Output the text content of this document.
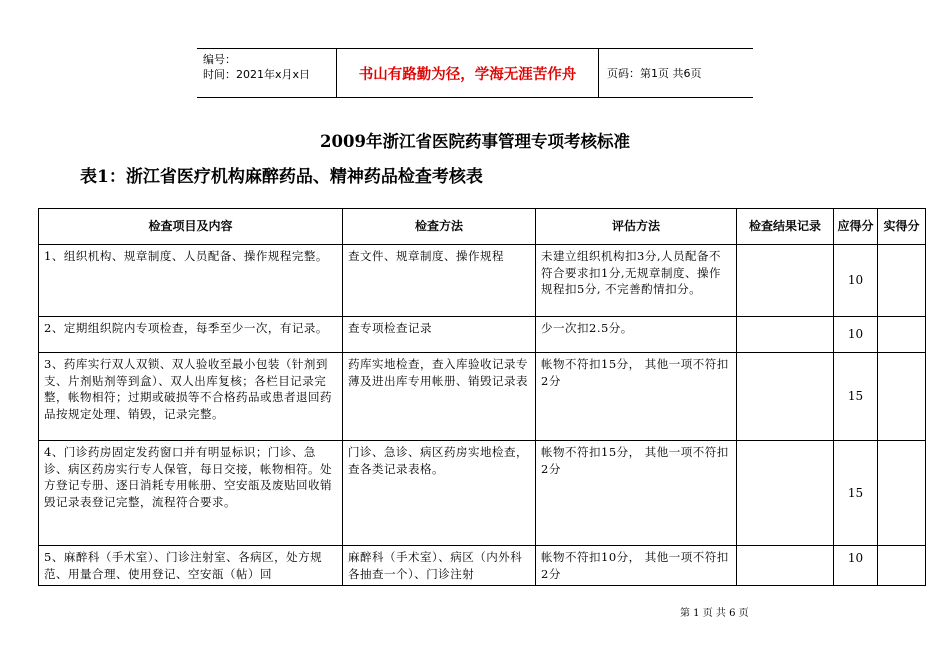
编号：
时间：2021年x月x日	书山有路勤为径，学海无涯苦作舟	页码：第1页 共6页
2009年浙江省医院药事管理专项考核标准
表1：浙江省医疗机构麻醉药品、精神药品检查考核表
检查项目及内容	检查方法	评估方法	检查结果记录	应得分	实得分
1、组织机构、规章制度、人员配备、操作规程完整。	查文件、规章制度、操作规程	未建立组织机构扣3分,人员配备不符合要求扣1分,无规章制度、操作规程扣5分, 不完善酌情扣分。		10	
2、定期组织院内专项检查，每季至少一次，有记录。	查专项检查记录	少一次扣2.5分。		10	
3、药库实行双人双锁、双人验收至最小包装（针剂到支、片剂贴剂等到盒）、双人出库复核；各栏目记录完整，帐物相符；过期或破损等不合格药品或患者退回药品按规定处理、销毁，记录完整。	药库实地检查，查入库验收记录专薄及进出库专用帐册、销毁记录表	帐物不符扣15分， 其他一项不符扣2分		15	
4、门诊药房固定发药窗口并有明显标识；门诊、急诊、病区药房实行专人保管，每日交接，帐物相符。处方登记专册、逐日消耗专用帐册、空安瓿及废贴回收销毁记录表登记完整，流程符合要求。	门诊、急诊、病区药房实地检查，查各类记录表格。	帐物不符扣15分， 其他一项不符扣2分		15	
5、麻醉科（手术室）、门诊注射室、各病区，处方规范、用量合理、使用登记、空安瓿（帖）回	麻醉科（手术室）、病区（内外科各抽查一个）、门诊注射	帐物不符扣10分， 其他一项不符扣2分		10	
第 1 页 共 6 页
